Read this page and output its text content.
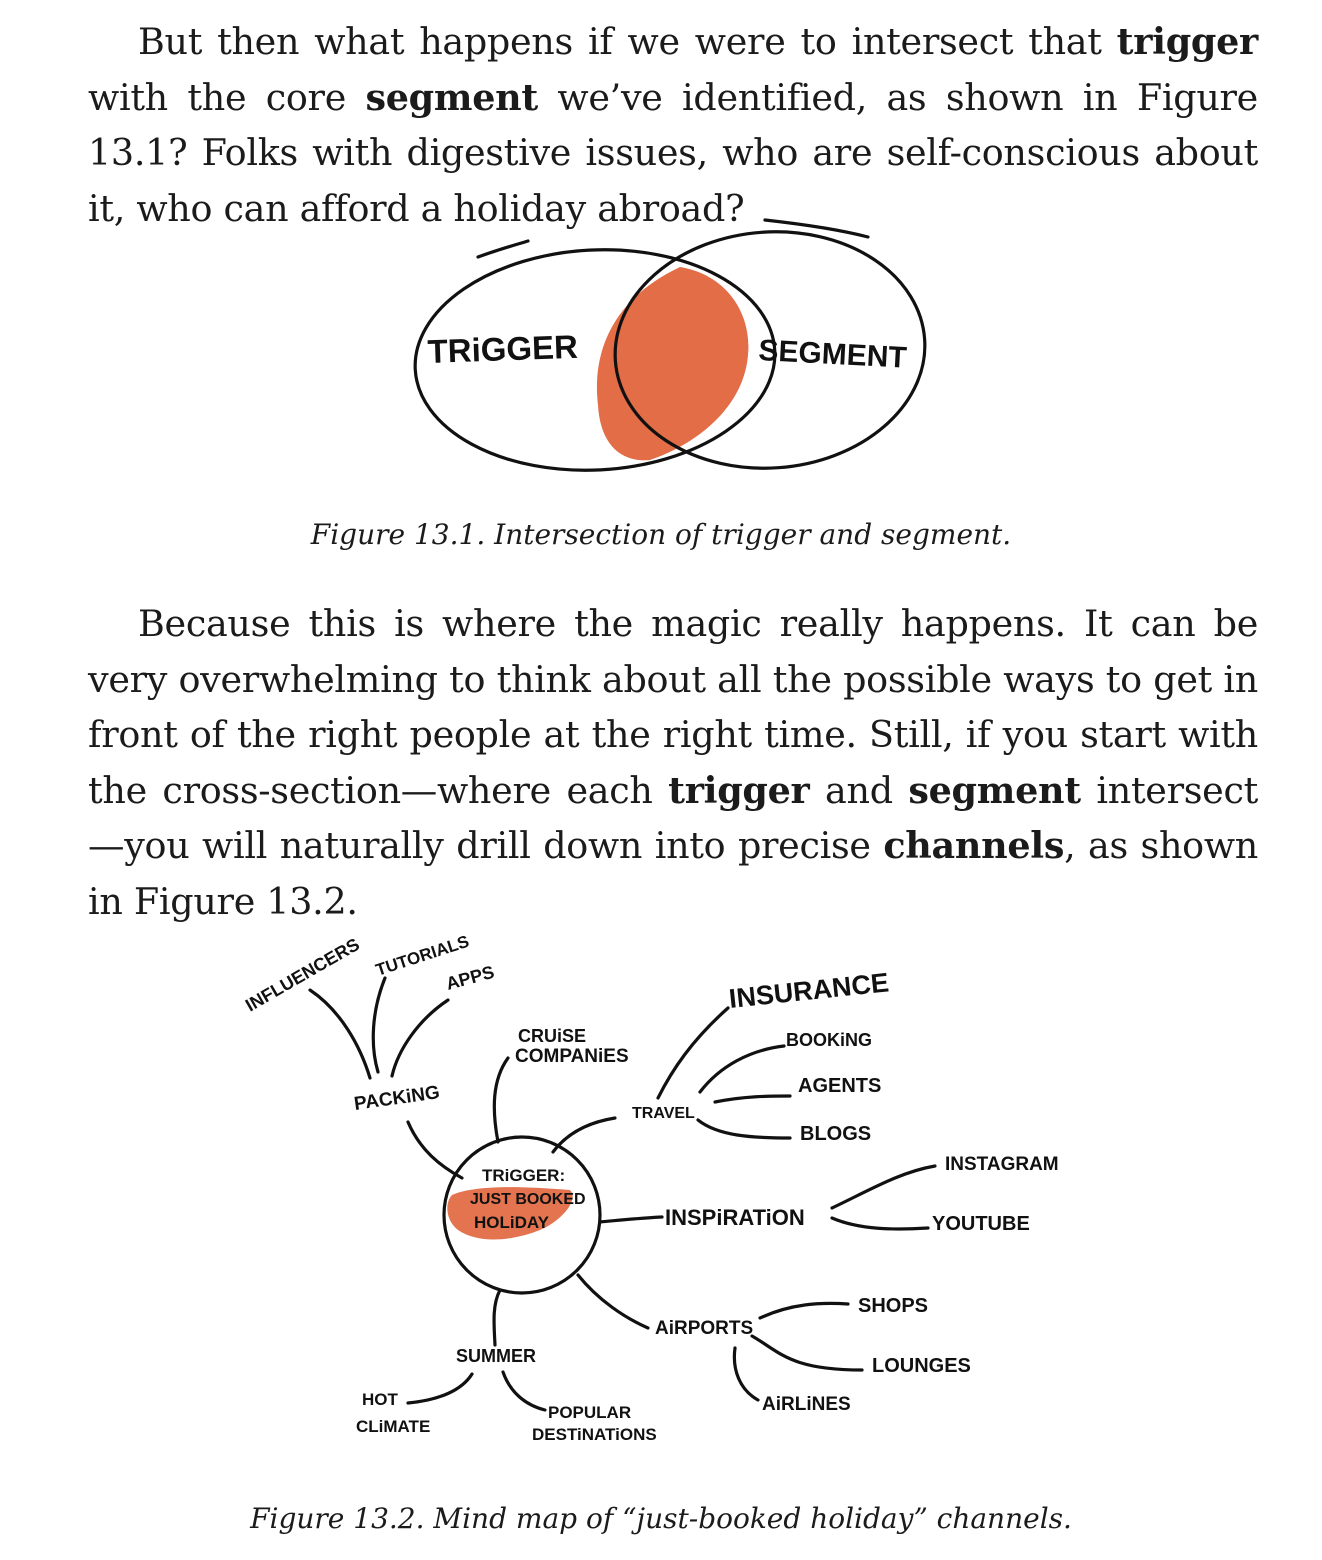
But then what happens if we were to intersect that trigger with the core segment we’ve identified, as shown in Figure 13.1? Folks with digestive issues, who are self-conscious about it, who can afford a holiday abroad?

TRiGGER	SEGMENT

Figure 13.1. Intersection of trigger and segment.

Because this is where the magic really happens. It can be very overwhelming to think about all the possible ways to get in front of the right people at the right time. Still, if you start with the cross-section—where each trigger and segment intersect—you will naturally drill down into precise channels, as shown in Figure 13.2.

TRiGGER:
JUST BOOKED
HOLiDAY
PACKiNG
INFLUENCERS TUTORIALS
APPS
CRUiSE
COMPANiES
TRAVEL
INSURANCE
BOOKiNG
AGENTS
BLOGS
INSPiRATiON
INSTAGRAM
YOUTUBE
AiRPORTS
SHOPS
LOUNGES
AiRLiNES
SUMMER
HOT
CLiMATE
POPULAR
DESTiNATiONS

Figure 13.2. Mind map of “just-booked holiday” channels.
